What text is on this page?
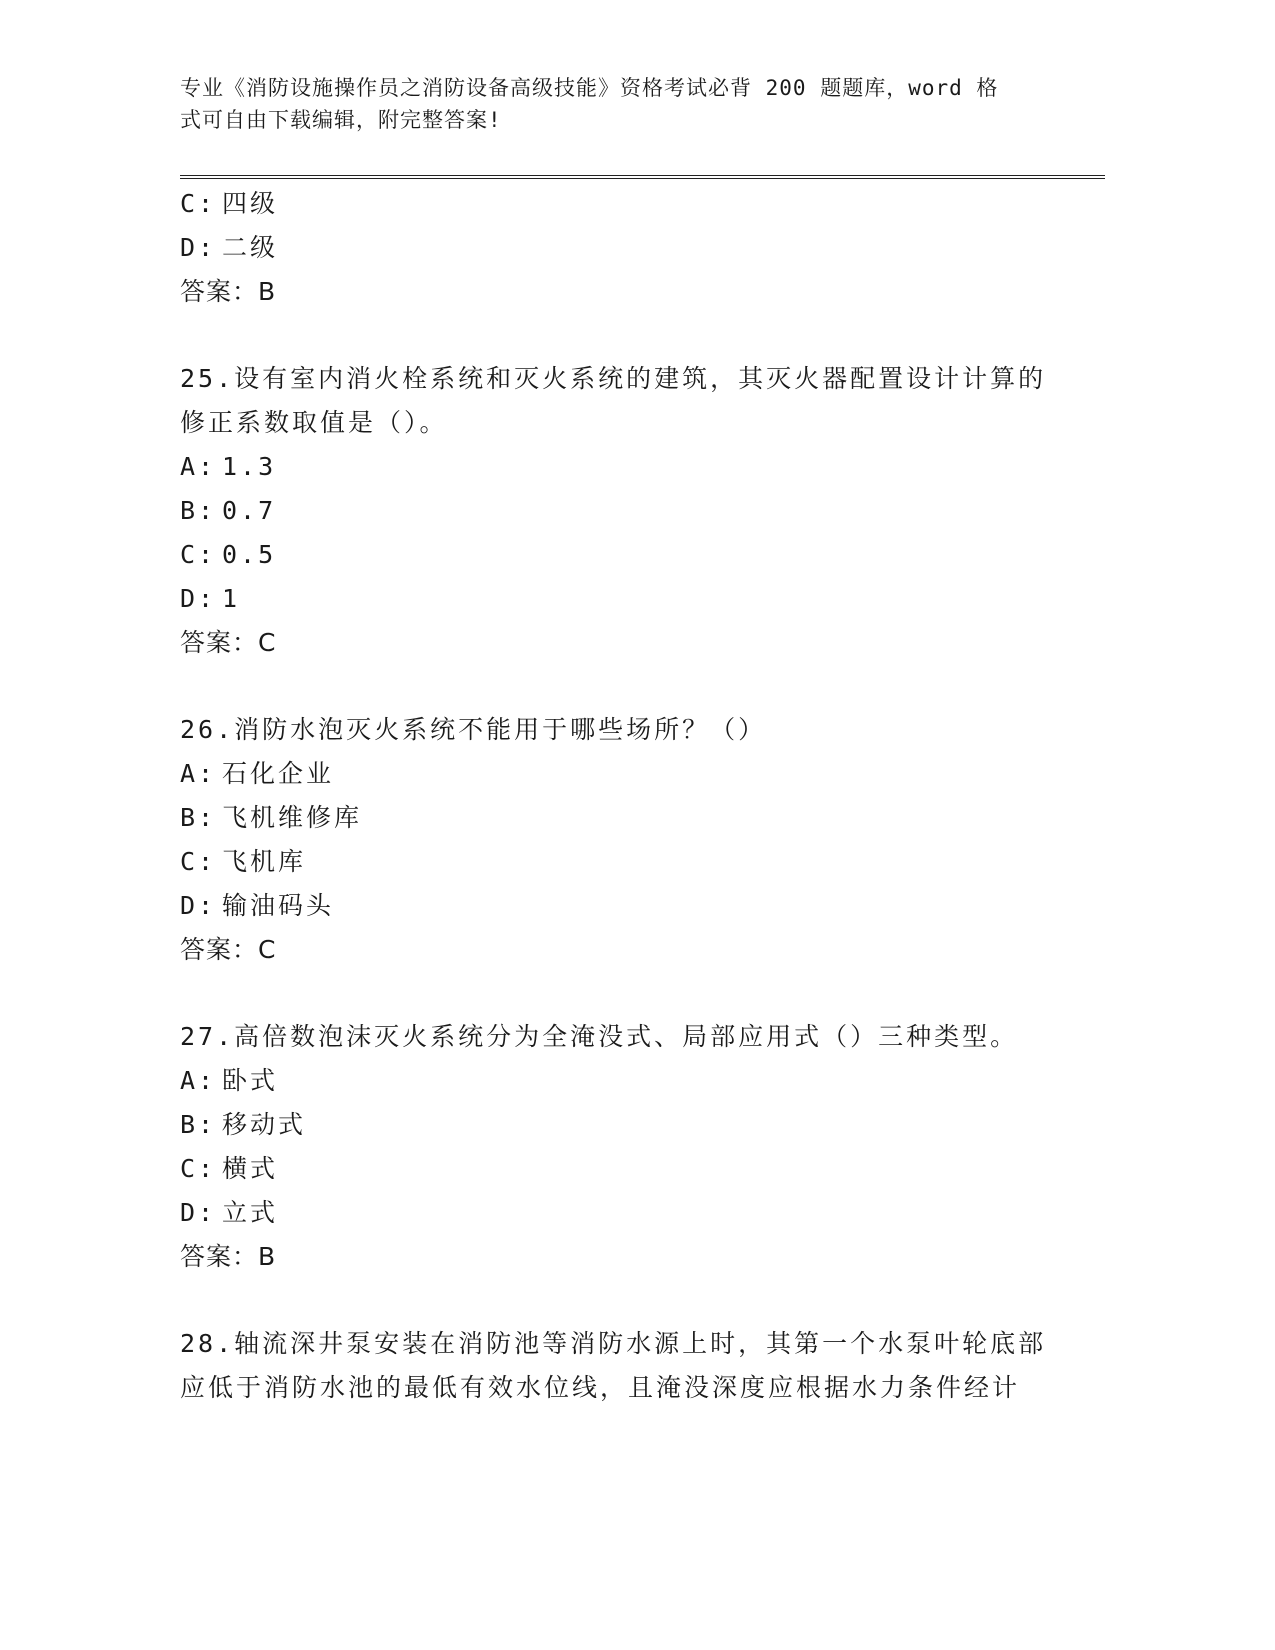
专业《消防设施操作员之消防设备高级技能》资格考试必背 200 题题库，word 格
式可自由下载编辑，附完整答案!
C: 四级
D: 二级
答案：B
25.设有室内消火栓系统和灭火系统的建筑，其灭火器配置设计计算的
修正系数取值是（）。
A: 1.3
B: 0.7
C: 0.5
D: 1
答案：C
26.消防水泡灭火系统不能用于哪些场所？（）
A: 石化企业
B: 飞机维修库
C: 飞机库
D: 输油码头
答案：C
27.高倍数泡沫灭火系统分为全淹没式、局部应用式（）三种类型。
A: 卧式
B: 移动式
C: 横式
D: 立式
答案：B
28.轴流深井泵安装在消防池等消防水源上时，其第一个水泵叶轮底部
应低于消防水池的最低有效水位线，且淹没深度应根据水力条件经计
